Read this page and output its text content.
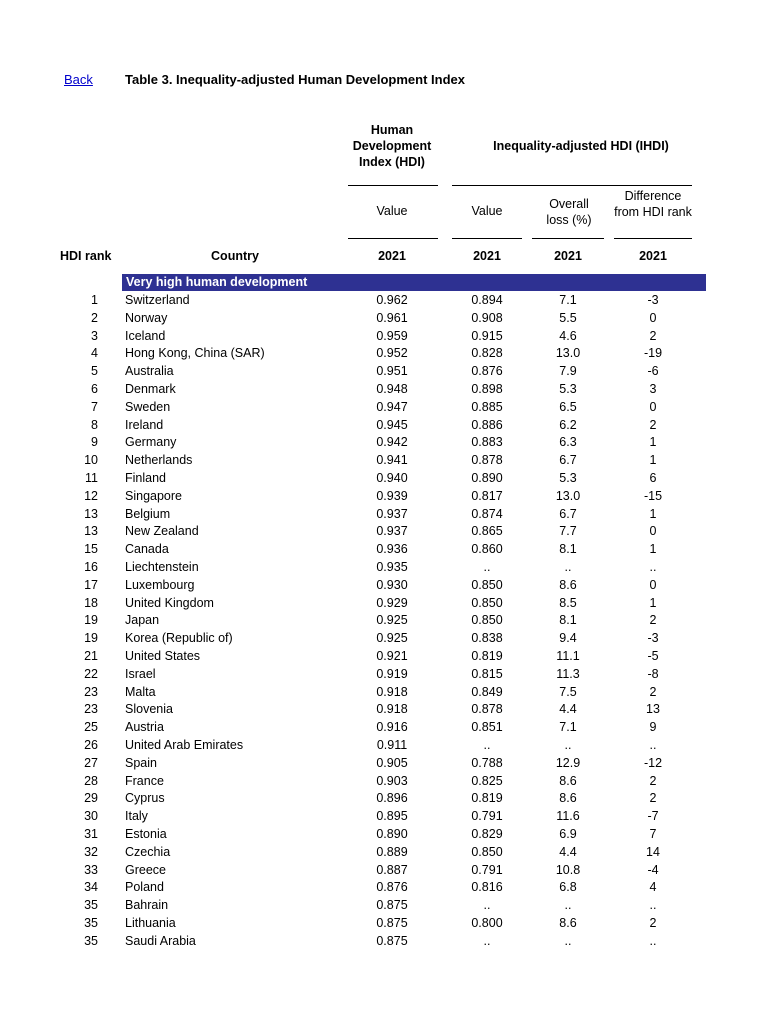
Back Table 3. Inequality-adjusted Human Development Index
Human Development Index (HDI)
Inequality-adjusted HDI (IHDI)
Value	Value	Overall loss (%)
Difference from HDI rank
HDI rank	Country	2021	2021	2021	2021
Very high human development
1 Switzerland	0.962	0.894	7.1	-3
2 Norway	0.961	0.908	5.5	0
3 Iceland	0.959	0.915	4.6	2
4 Hong Kong, China (SAR)	0.952	0.828	13.0	-19
5 Australia	0.951	0.876	7.9	-6
6 Denmark	0.948	0.898	5.3	3
7 Sweden	0.947	0.885	6.5	0
8 Ireland	0.945	0.886	6.2	2
9 Germany	0.942	0.883	6.3	1
10 Netherlands	0.941	0.878	6.7	1
11 Finland	0.940	0.890	5.3	6
12 Singapore	0.939	0.817	13.0	-15
13 Belgium	0.937	0.874	6.7	1
13 New Zealand	0.937	0.865	7.7	0
15 Canada	0.936	0.860	8.1	1
16 Liechtenstein	0.935	..	..	..
17 Luxembourg	0.930	0.850	8.6	0
18 United Kingdom	0.929	0.850	8.5	1
19 Japan	0.925	0.850	8.1	2
19 Korea (Republic of)	0.925	0.838	9.4	-3
21 United States	0.921	0.819	11.1	-5
22 Israel	0.919	0.815	11.3	-8
23 Malta	0.918	0.849	7.5	2
23 Slovenia	0.918	0.878	4.4	13
25 Austria	0.916	0.851	7.1	9
26 United Arab Emirates	0.911	..	..	..
27 Spain	0.905	0.788	12.9	-12
28 France	0.903	0.825	8.6	2
29 Cyprus	0.896	0.819	8.6	2
30 Italy	0.895	0.791	11.6	-7
31 Estonia	0.890	0.829	6.9	7
32 Czechia	0.889	0.850	4.4	14
33 Greece	0.887	0.791	10.8	-4
34 Poland	0.876	0.816	6.8	4
35 Bahrain	0.875	..	..	..
35 Lithuania	0.875	0.800	8.6	2
35 Saudi Arabia	0.875	..	..	..
